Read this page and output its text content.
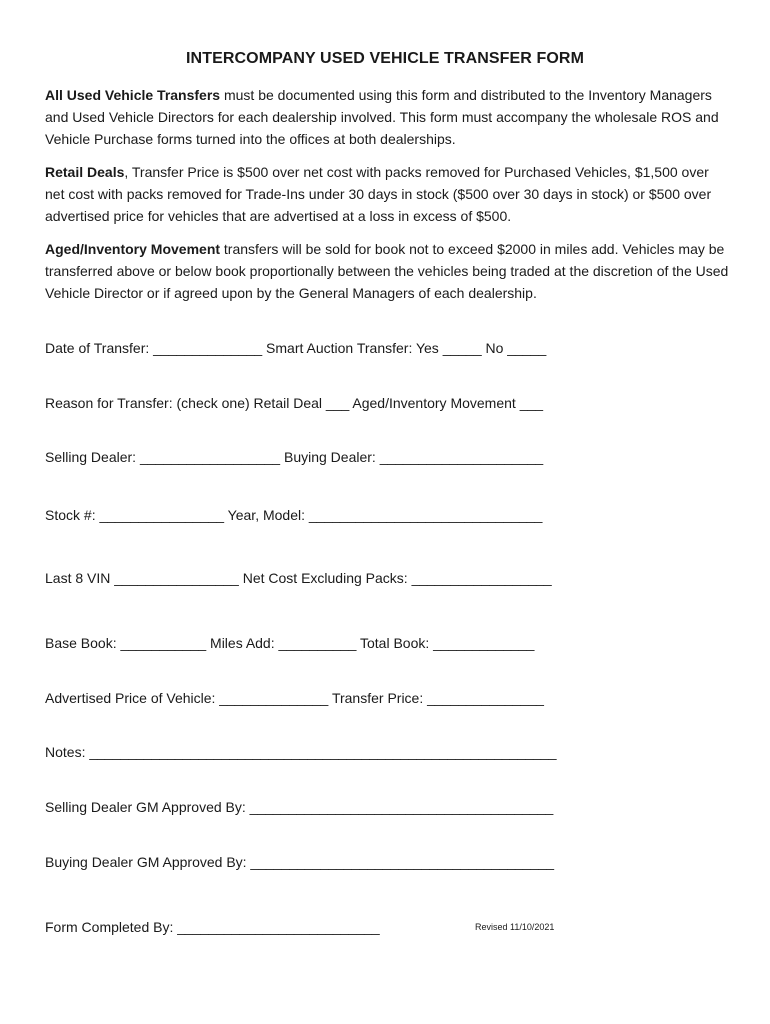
INTERCOMPANY USED VEHICLE TRANSFER FORM
All Used Vehicle Transfers must be documented using this form and distributed to the Inventory Managers and Used Vehicle Directors for each dealership involved. This form must accompany the wholesale ROS and Vehicle Purchase forms turned into the offices at both dealerships.
Retail Deals, Transfer Price is $500 over net cost with packs removed for Purchased Vehicles, $1,500 over net cost with packs removed for Trade-Ins under 30 days in stock ($500 over 30 days in stock) or $500 over advertised price for vehicles that are advertised at a loss in excess of $500.
Aged/Inventory Movement transfers will be sold for book not to exceed $2000 in miles add. Vehicles may be transferred above or below book proportionally between the vehicles being traded at the discretion of the Used Vehicle Director or if agreed upon by the General Managers of each dealership.
Date of Transfer: ______________ Smart Auction Transfer: Yes _____ No _____
Reason for Transfer: (check one) Retail Deal ___ Aged/Inventory Movement ___
Selling Dealer: __________________ Buying Dealer: _____________________
Stock #: ________________ Year, Model: ______________________________
Last 8 VIN ________________ Net Cost Excluding Packs: __________________
Base Book: ___________ Miles Add: __________ Total Book: _____________
Advertised Price of Vehicle: ______________ Transfer Price: _______________
Notes: ____________________________________________________________
Selling Dealer GM Approved By: _______________________________________
Buying Dealer GM Approved By: _______________________________________
Form Completed By: __________________________	Revised 11/10/2021
